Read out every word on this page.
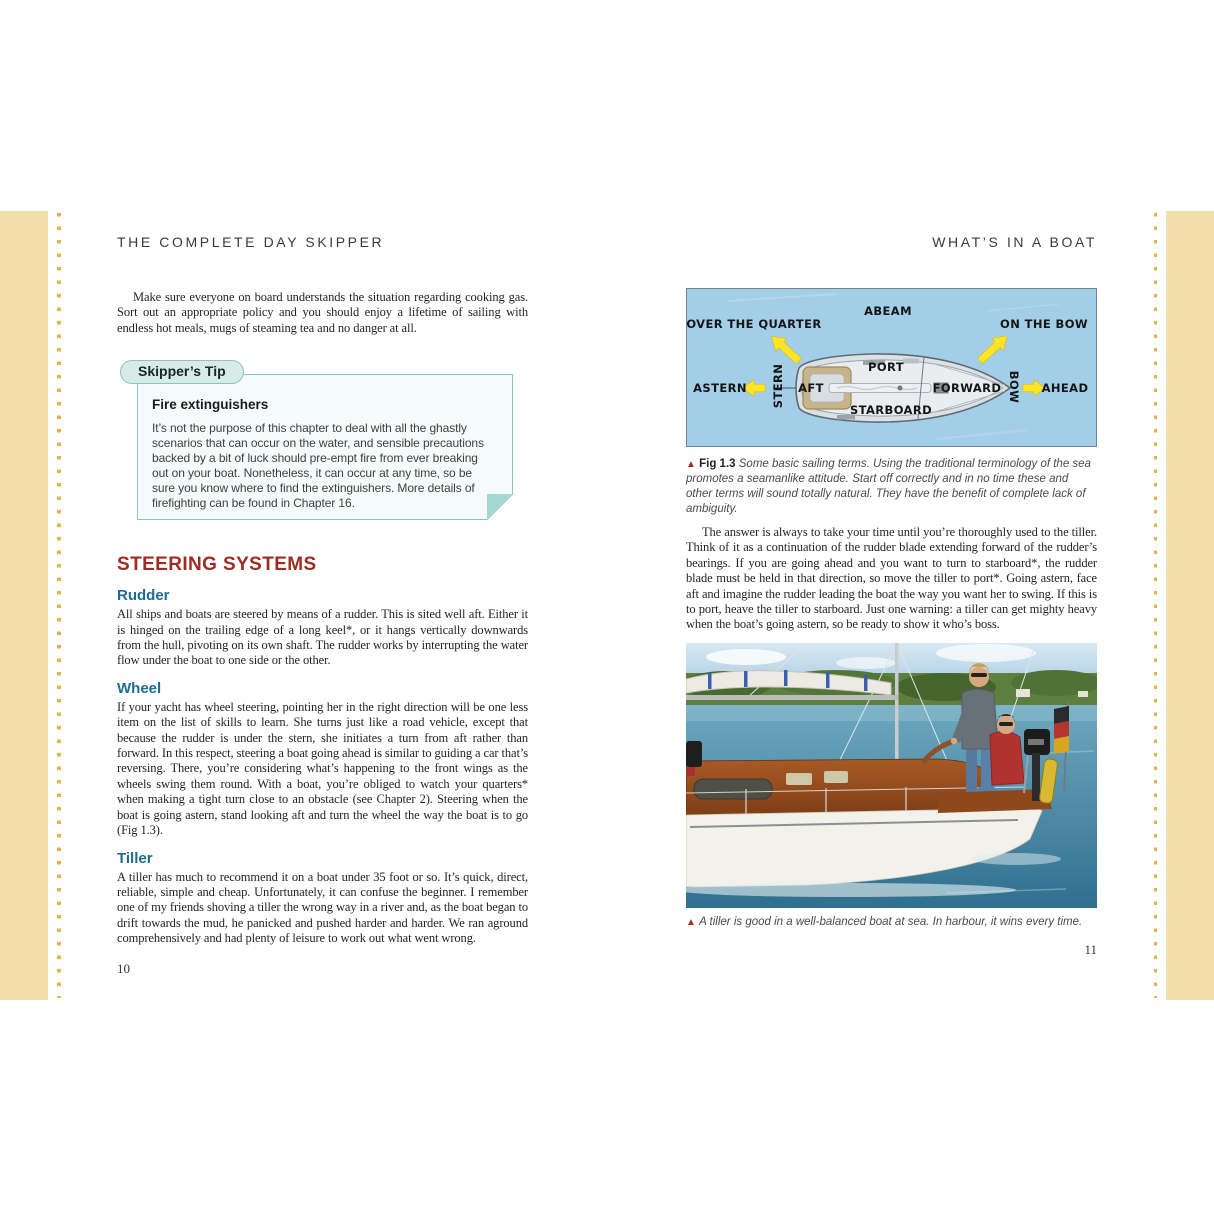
THE COMPLETE DAY SKIPPER

Make sure everyone on board understands the situation regarding cooking gas. Sort out an appropriate policy and you should enjoy a lifetime of sailing with endless hot meals, mugs of steaming tea and no danger at all.

Skipper’s Tip
Fire extinguishers
It’s not the purpose of this chapter to deal with all the ghastly scenarios that can occur on the water, and sensible precautions backed by a bit of luck should pre-empt fire from ever breaking out on your boat. Nonetheless, it can occur at any time, so be sure you know where to find the extinguishers. More details of firefighting can be found in Chapter 16.
STEERING SYSTEMS
Rudder

All ships and boats are steered by means of a rudder. This is sited well aft. Either it is hinged on the trailing edge of a long keel*, or it hangs vertically downwards from the hull, pivoting on its own shaft. The rudder works by interrupting the water flow under the boat to one side or the other.

Wheel

If your yacht has wheel steering, pointing her in the right direction will be one less item on the list of skills to learn. She turns just like a road vehicle, except that because the rudder is under the stern, she initiates a turn from aft rather than forward. In this respect, steering a boat going ahead is similar to guiding a car that’s reversing. There, you’re considering what’s happening to the front wings as the wheels swing them round. With a boat, you’re obliged to watch your quarters* when making a tight turn close to an obstacle (see Chapter 2). Steering when the boat is going astern, stand looking aft and turn the wheel the way the boat is to go (Fig 1.3).

Tiller

A tiller has much to recommend it on a boat under 35 foot or so. It’s quick, direct, reliable, simple and cheap. Unfortunately, it can confuse the beginner. I remember one of my friends shoving a tiller the wrong way in a river and, as the boat began to drift towards the mud, he panicked and pushed harder and harder. We ran aground comprehensively and had plenty of leisure to work out what went wrong.

10
WHAT’S IN A BOAT
ABEAM
OVER THE QUARTER	ON THE BOW
ASTERN	AHEAD
STERN	BOW
AFT	FORWARD
PORT
STARBOARD
▲ Fig 1.3 Some basic sailing terms. Using the traditional terminology of the sea promotes a seamanlike attitude. Start off correctly and in no time these and other terms will sound totally natural. They have the benefit of complete lack of ambiguity.

The answer is always to take your time until you’re thoroughly used to the tiller. Think of it as a continuation of the rudder blade extending forward of the rudder’s bearings. If you are going ahead and you want to turn to starboard*, the rudder blade must be held in that direction, so move the tiller to port*. Going astern, face aft and imagine the rudder leading the boat the way you want her to swing. If this is to port, heave the tiller to starboard. Just one warning: a tiller can get mighty heavy when the boat’s going astern, so be ready to show it who’s boss.

▲ A tiller is good in a well-balanced boat at sea. In harbour, it wins every time.
11
